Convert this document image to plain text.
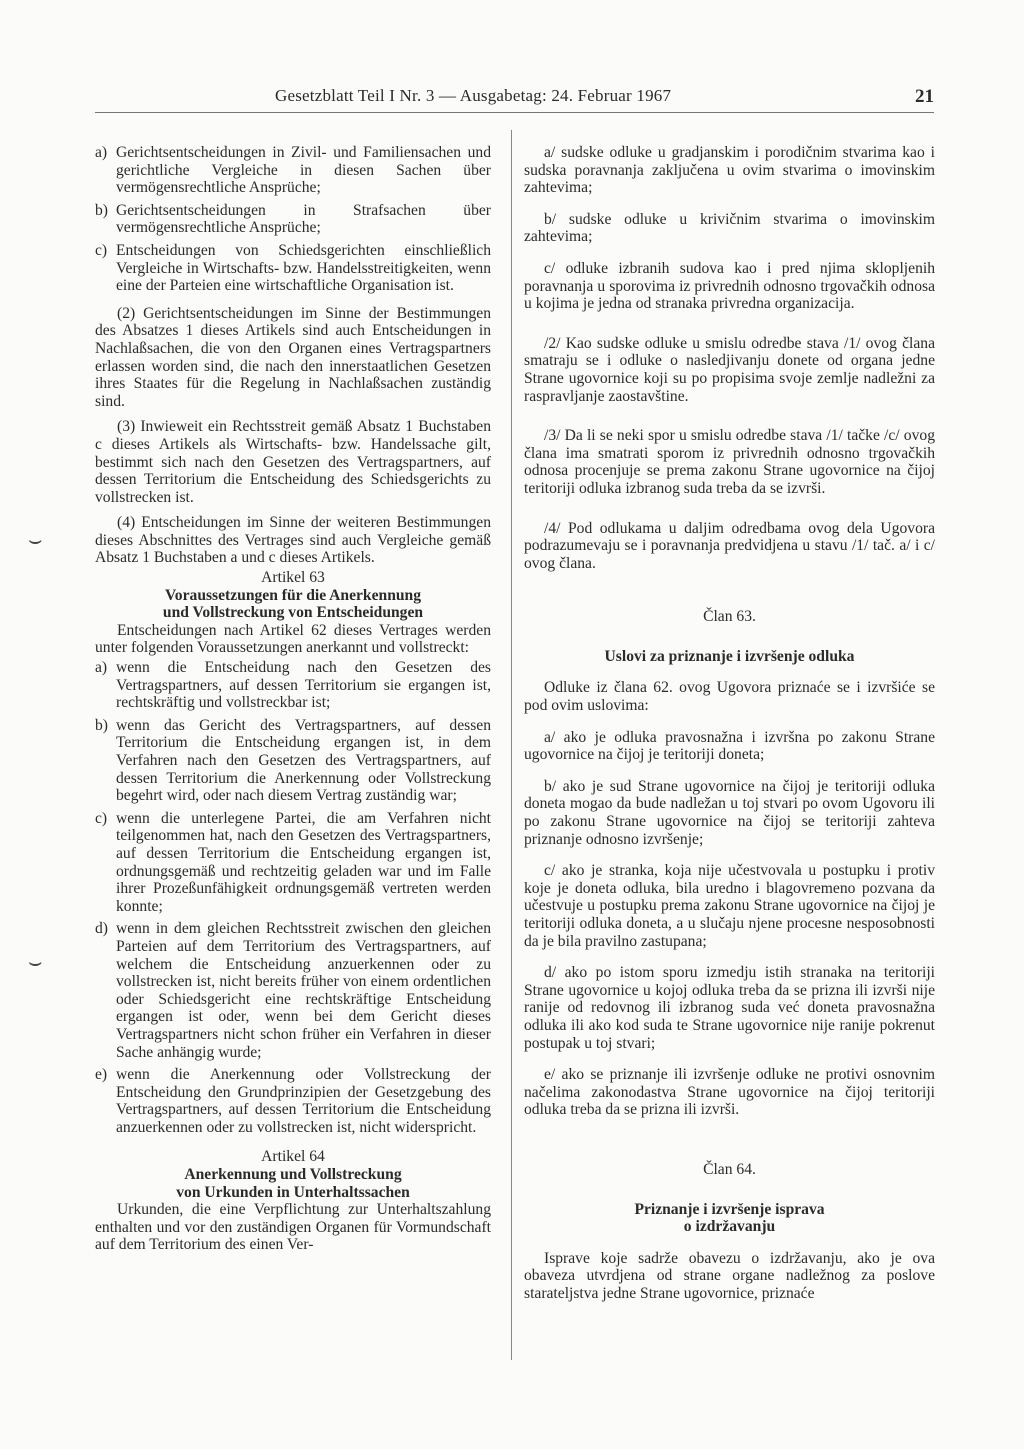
Gesetzblatt Teil I Nr. 3 — Ausgabetag: 24. Februar 1967	21
⌣
⌣
a) Gerichtsentscheidungen in Zivil- und Familiensachen und gerichtliche Vergleiche in diesen Sachen über vermögensrechtliche Ansprüche;
b) Gerichtsentscheidungen in Strafsachen über vermögensrechtliche Ansprüche;
c) Entscheidungen von Schiedsgerichten einschließlich Vergleiche in Wirtschafts- bzw. Handelsstreitigkeiten, wenn eine der Parteien eine wirtschaftliche Organisation ist.

(2) Gerichtsentscheidungen im Sinne der Bestimmungen des Absatzes 1 dieses Artikels sind auch Entscheidungen in Nachlaßsachen, die von den Organen eines Vertragspartners erlassen worden sind, die nach den innerstaatlichen Gesetzen ihres Staates für die Regelung in Nachlaßsachen zuständig sind.

(3) Inwieweit ein Rechtsstreit gemäß Absatz 1 Buchstaben c dieses Artikels als Wirtschafts- bzw. Handelssache gilt, bestimmt sich nach den Gesetzen des Vertragspartners, auf dessen Territorium die Entscheidung des Schiedsgerichts zu vollstrecken ist.

(4) Entscheidungen im Sinne der weiteren Bestimmungen dieses Abschnittes des Vertrages sind auch Vergleiche gemäß Absatz 1 Buchstaben a und c dieses Artikels.

Artikel 63

Voraussetzungen für die Anerkennung

und Vollstreckung von Entscheidungen

Entscheidungen nach Artikel 62 dieses Vertrages werden unter folgenden Voraussetzungen anerkannt und vollstreckt:

a) wenn die Entscheidung nach den Gesetzen des Vertragspartners, auf dessen Territorium sie ergangen ist, rechtskräftig und vollstreckbar ist;
b) wenn das Gericht des Vertragspartners, auf dessen Territorium die Entscheidung ergangen ist, in dem Verfahren nach den Gesetzen des Vertragspartners, auf dessen Territorium die Anerkennung oder Vollstreckung begehrt wird, oder nach diesem Vertrag zuständig war;
c) wenn die unterlegene Partei, die am Verfahren nicht teilgenommen hat, nach den Gesetzen des Vertragspartners, auf dessen Territorium die Entscheidung ergangen ist, ordnungsgemäß und rechtzeitig geladen war und im Falle ihrer Prozeßunfähigkeit ordnungsgemäß vertreten werden konnte;
d) wenn in dem gleichen Rechtsstreit zwischen den gleichen Parteien auf dem Territorium des Vertragspartners, auf welchem die Entscheidung anzuerkennen oder zu vollstrecken ist, nicht bereits früher von einem ordentlichen oder Schiedsgericht eine rechtskräftige Entscheidung ergangen ist oder, wenn bei dem Gericht dieses Vertragspartners nicht schon früher ein Verfahren in dieser Sache anhängig wurde;
e) wenn die Anerkennung oder Vollstreckung der Entscheidung den Grundprinzipien der Gesetzgebung des Vertragspartners, auf dessen Territorium die Entscheidung anzuerkennen oder zu vollstrecken ist, nicht widerspricht.

Artikel 64

Anerkennung und Vollstreckung

von Urkunden in Unterhaltssachen

Urkunden, die eine Verpflichtung zur Unterhaltszahlung enthalten und vor den zuständigen Organen für Vormundschaft auf dem Territorium des einen Ver-

a/ sudske odluke u gradjanskim i porodičnim stvarima kao i sudska poravnanja zaključena u ovim stvarima o imovinskim zahtevima;

b/ sudske odluke u krivičnim stvarima o imovinskim zahtevima;

c/ odluke izbranih sudova kao i pred njima sklopljenih poravnanja u sporovima iz privrednih odnosno trgovačkih odnosa u kojima je jedna od stranaka privredna organizacija.

/2/ Kao sudske odluke u smislu odredbe stava /1/ ovog člana smatraju se i odluke o nasledjivanju donete od organa jedne Strane ugovornice koji su po propisima svoje zemlje nadležni za raspravljanje zaostavštine.

/3/ Da li se neki spor u smislu odredbe stava /1/ tačke /c/ ovog člana ima smatrati sporom iz privrednih odnosno trgovačkih odnosa procenjuje se prema zakonu Strane ugovornice na čijoj teritoriji odluka izbranog suda treba da se izvrši.

/4/ Pod odlukama u daljim odredbama ovog dela Ugovora podrazumevaju se i poravnanja predvidjena u stavu /1/ tač. a/ i c/ ovog člana.

Član 63.

Uslovi za priznanje i izvršenje odluka

Odluke iz člana 62. ovog Ugovora priznaće se i izvršiće se pod ovim uslovima:

a/ ako je odluka pravosnažna i izvršna po zakonu Strane ugovornice na čijoj je teritoriji doneta;

b/ ako je sud Strane ugovornice na čijoj je teritoriji odluka doneta mogao da bude nadležan u toj stvari po ovom Ugovoru ili po zakonu Strane ugovornice na čijoj se teritoriji zahteva priznanje odnosno izvršenje;

c/ ako je stranka, koja nije učestvovala u postupku i protiv koje je doneta odluka, bila uredno i blagovremeno pozvana da učestvuje u postupku prema zakonu Strane ugovornice na čijoj je teritoriji odluka doneta, a u slučaju njene procesne nesposobnosti da je bila pravilno zastupana;

d/ ako po istom sporu izmedju istih stranaka na teritoriji Strane ugovornice u kojoj odluka treba da se prizna ili izvrši nije ranije od redovnog ili izbranog suda već doneta pravosnažna odluka ili ako kod suda te Strane ugovornice nije ranije pokrenut postupak u toj stvari;

e/ ako se priznanje ili izvršenje odluke ne protivi osnovnim načelima zakonodastva Strane ugovornice na čijoj teritoriji odluka treba da se prizna ili izvrši.

Član 64.

Priznanje i izvršenje isprava

o izdržavanju

Isprave koje sadrže obavezu o izdržavanju, ako je ova obaveza utvrdjena od strane organe nadležnog za poslove starateljstva jedne Strane ugovornice, priznaće
